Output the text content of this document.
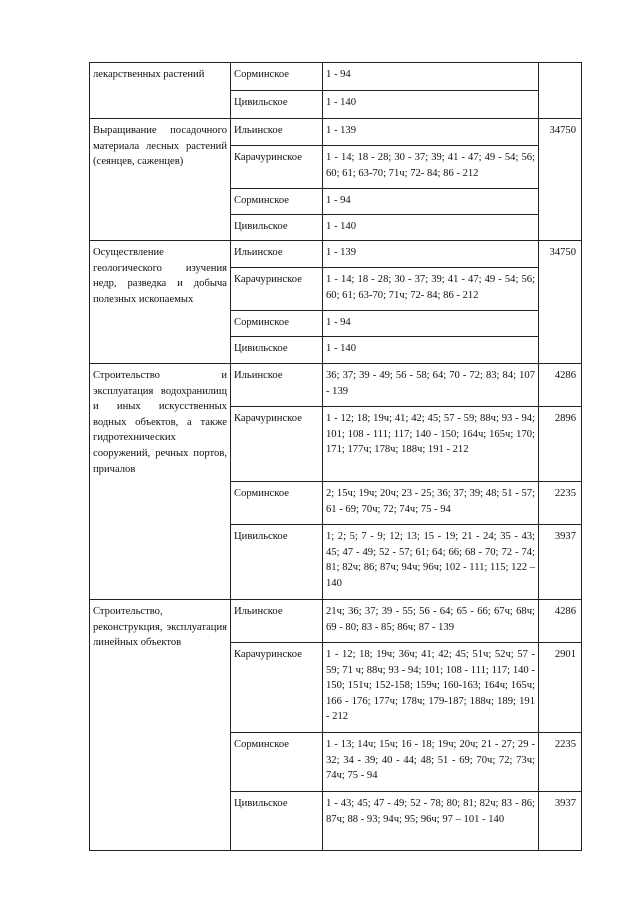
лекарственных растений	Сорминское	1 - 94	
	Цивильское	1 - 140	
Выращивание посадочного материала лесных растений (сеянцев, саженцев)	Ильинское	1 - 139	34750
	Карачуринское	1 - 14; 18 - 28; 30 - 37; 39; 41 - 47; 49 - 54; 56; 60; 61; 63-70; 71ч; 72- 84; 86 - 212	
	Сорминское	1 - 94	
	Цивильское	1 - 140	
Осуществление геологического изучения недр, разведка и добыча полезных ископаемых	Ильинское	1 - 139	34750
	Карачуринское	1 - 14; 18 - 28; 30 - 37; 39; 41 - 47; 49 - 54; 56; 60; 61; 63-70; 71ч; 72- 84; 86 - 212	
	Сорминское	1 - 94	
	Цивильское	1 - 140	
Строительство и эксплуатация водохранилищ и иных искусственных водных объектов, а также гидротехнических сооружений, речных портов, причалов	Ильинское	36; 37; 39 - 49; 56 - 58; 64; 70 - 72; 83; 84; 107 - 139	4286
	Карачуринское	1 - 12; 18; 19ч; 41; 42; 45; 57 - 59; 88ч; 93 - 94; 101; 108 - 111; 117; 140 - 150; 164ч; 165ч; 170; 171; 177ч; 178ч; 188ч; 191 - 212	2896
	Сорминское	2; 15ч; 19ч; 20ч; 23 - 25; 36; 37; 39; 48; 51 - 57; 61 - 69; 70ч; 72; 74ч; 75 - 94	2235
	Цивильское	1; 2; 5; 7 - 9; 12; 13; 15 - 19; 21 - 24; 35 - 43; 45; 47 - 49; 52 - 57; 61; 64; 66; 68 - 70; 72 - 74; 81; 82ч; 86; 87ч; 94ч; 96ч; 102 - 111; 115; 122 – 140	3937
Строительство, реконструкция, эксплуатация линейных объектов	Ильинское	21ч; 36; 37; 39 - 55; 56 - 64; 65 - 66; 67ч; 68ч; 69 - 80; 83 - 85; 86ч; 87 - 139	4286
	Карачуринское	1 - 12; 18; 19ч; 36ч; 41; 42; 45; 51ч; 52ч; 57 - 59; 71 ч; 88ч; 93 - 94; 101; 108 - 111; 117; 140 - 150; 151ч; 152-158; 159ч; 160-163; 164ч; 165ч; 166 - 176; 177ч; 178ч; 179-187; 188ч; 189; 191 - 212	2901
	Сорминское	1 - 13; 14ч; 15ч; 16 - 18; 19ч; 20ч; 21 - 27; 29 - 32; 34 - 39; 40 - 44; 48; 51 - 69; 70ч; 72; 73ч; 74ч; 75 - 94	2235
	Цивильское	1 - 43; 45; 47 - 49; 52 - 78; 80; 81; 82ч; 83 - 86; 87ч; 88 - 93; 94ч; 95; 96ч; 97 – 101 - 140	3937
